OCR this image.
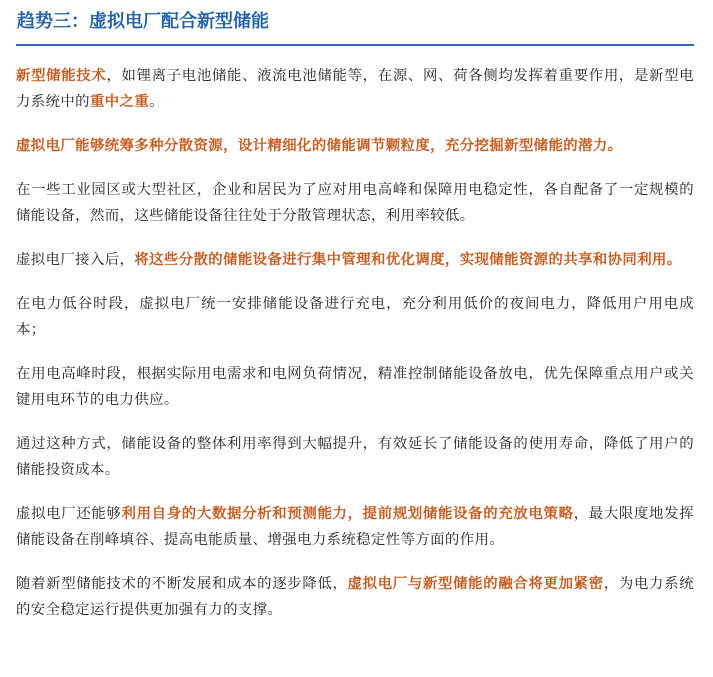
趋势三：虚拟电厂配合新型储能

新型储能技术，如锂离子电池储能、液流电池储能等，在源、网、荷各侧均发挥着重要作用，是新型电力系统中的重中之重。

虚拟电厂能够统筹多种分散资源，设计精细化的储能调节颗粒度，充分挖掘新型储能的潜力。

在一些工业园区或大型社区，企业和居民为了应对用电高峰和保障用电稳定性，各自配备了一定规模的储能设备，然而，这些储能设备往往处于分散管理状态，利用率较低。

虚拟电厂接入后，将这些分散的储能设备进行集中管理和优化调度，实现储能资源的共享和协同利用。

在电力低谷时段，虚拟电厂统一安排储能设备进行充电，充分利用低价的夜间电力，降低用户用电成本；

在用电高峰时段，根据实际用电需求和电网负荷情况，精准控制储能设备放电，优先保障重点用户或关键用电环节的电力供应。

通过这种方式，储能设备的整体利用率得到大幅提升，有效延长了储能设备的使用寿命，降低了用户的储能投资成本。

虚拟电厂还能够利用自身的大数据分析和预测能力，提前规划储能设备的充放电策略，最大限度地发挥储能设备在削峰填谷、提高电能质量、增强电力系统稳定性等方面的作用。

随着新型储能技术的不断发展和成本的逐步降低，虚拟电厂与新型储能的融合将更加紧密，为电力系统的安全稳定运行提供更加强有力的支撑。
